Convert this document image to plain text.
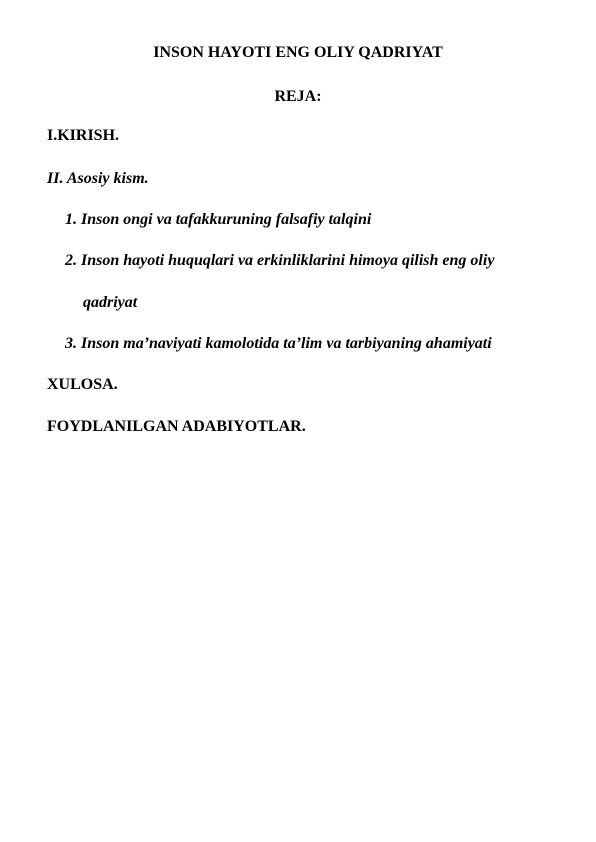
INSON HAYOTI ENG OLIY QADRIYAT
REJA:
I.KIRISH.
II. Asosiy kism.
1. Inson ongi va tafakkuruning falsafiy talqini
2. Inson hayoti huquqlari va erkinliklarini himoya qilish eng oliy
qadriyat
3. Inson ma’naviyati kamolotida ta’lim va tarbiyaning ahamiyati
XULOSA.
FOYDLANILGAN ADABIYOTLAR.
